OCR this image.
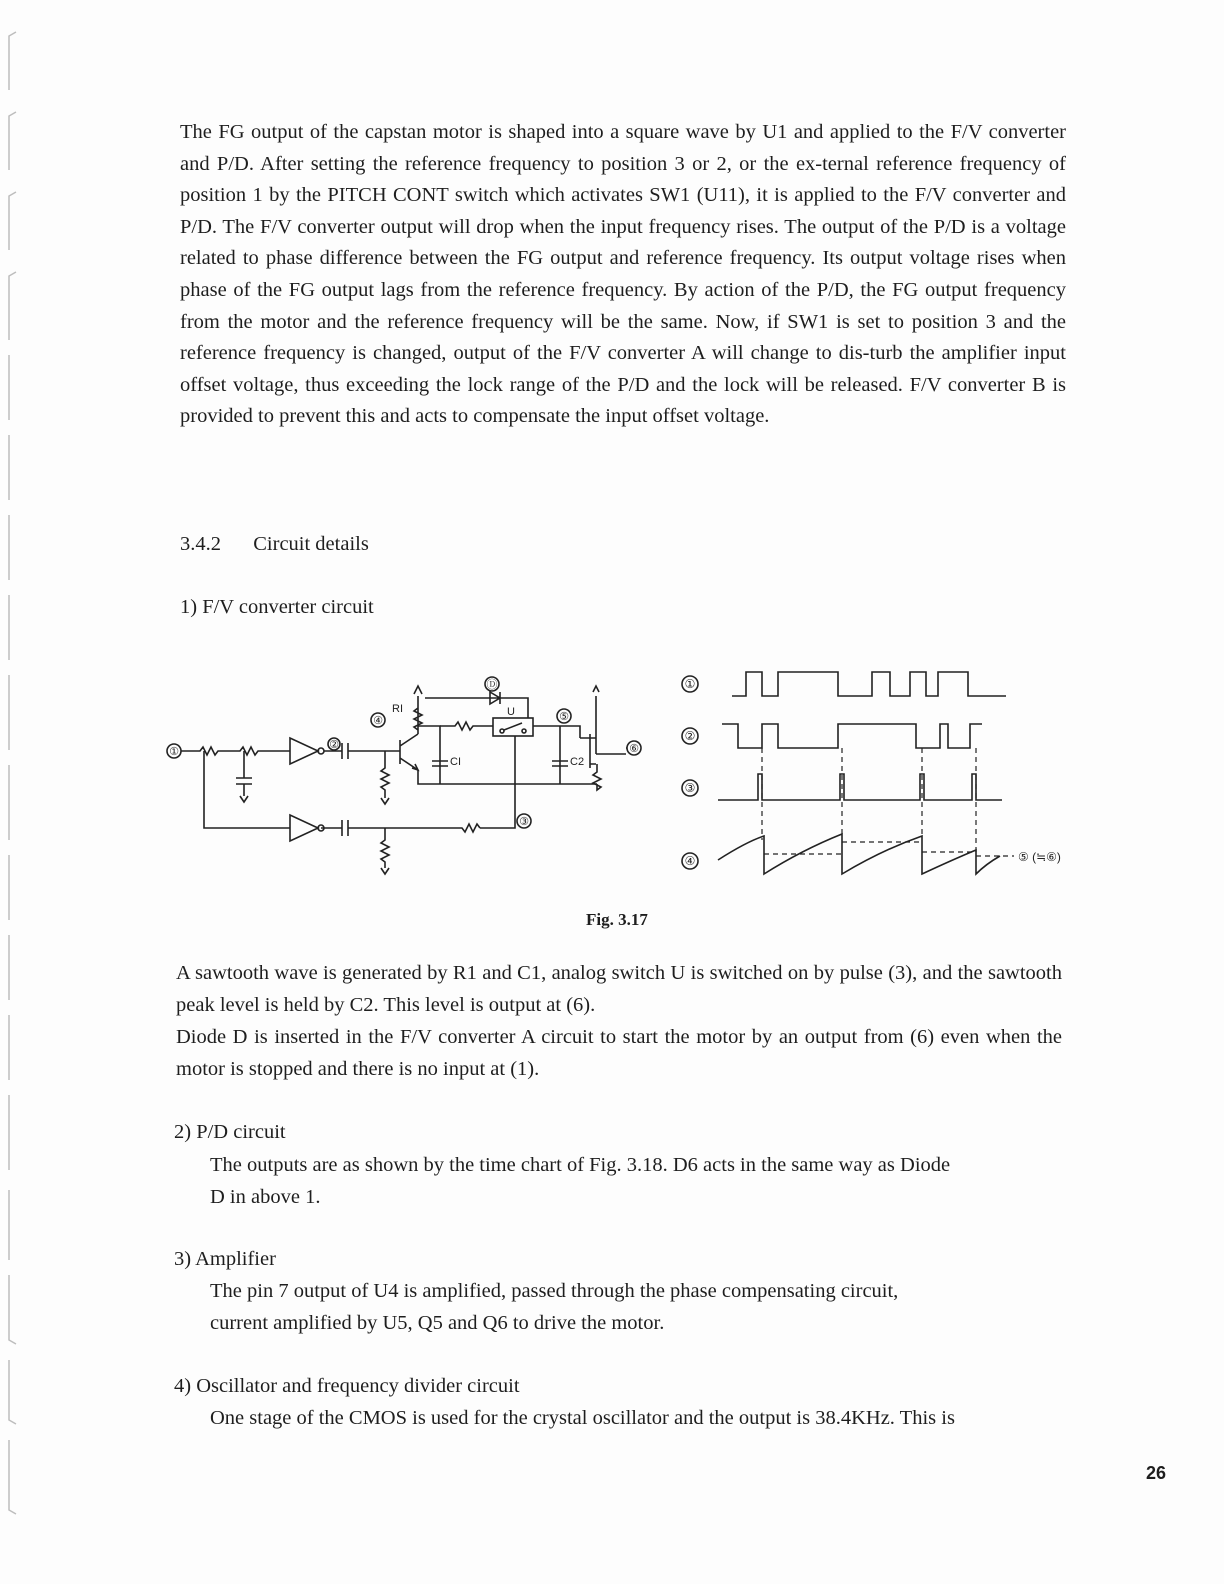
The FG output of the capstan motor is shaped into a square wave by U1 and applied to the F/V converter and P/D. After setting the reference frequency to position 3 or 2, or the ex-ternal reference frequency of position 1 by the PITCH CONT switch which activates SW1 (U11), it is applied to the F/V converter and P/D. The F/V converter output will drop when the input frequency rises. The output of the P/D is a voltage related to phase difference between the FG output and reference frequency. Its output voltage rises when phase of the FG output lags from the reference frequency. By action of the P/D, the FG output frequency from the motor and the reference frequency will be the same. Now, if SW1 is set to position 3 and the reference frequency is changed, output of the F/V converter A will change to dis-turb the amplifier input offset voltage, thus exceeding the lock range of the P/D and the lock will be released. F/V converter B is provided to prevent this and acts to compensate the input offset voltage.

3.4.2 Circuit details
1) F/V converter circuit
①
②
③
④	⑤
⑥
Ⓓ
RI	U
CI	C2
①
②
③
④	⑤ (≒⑥)
Fig. 3.17

A sawtooth wave is generated by R1 and C1, analog switch U is switched on by pulse (3), and the sawtooth peak level is held by C2. This level is output at (6).

Diode D is inserted in the F/V converter A circuit to start the motor by an output from (6) even when the motor is stopped and there is no input at (1).

2) P/D circuit
The outputs are as shown by the time chart of Fig. 3.18. D6 acts in the same way as Diode
D in above 1.
3) Amplifier
The pin 7 output of U4 is amplified, passed through the phase compensating circuit,
current amplified by U5, Q5 and Q6 to drive the motor.
4) Oscillator and frequency divider circuit
One stage of the CMOS is used for the crystal oscillator and the output is 38.4KHz. This is
26
